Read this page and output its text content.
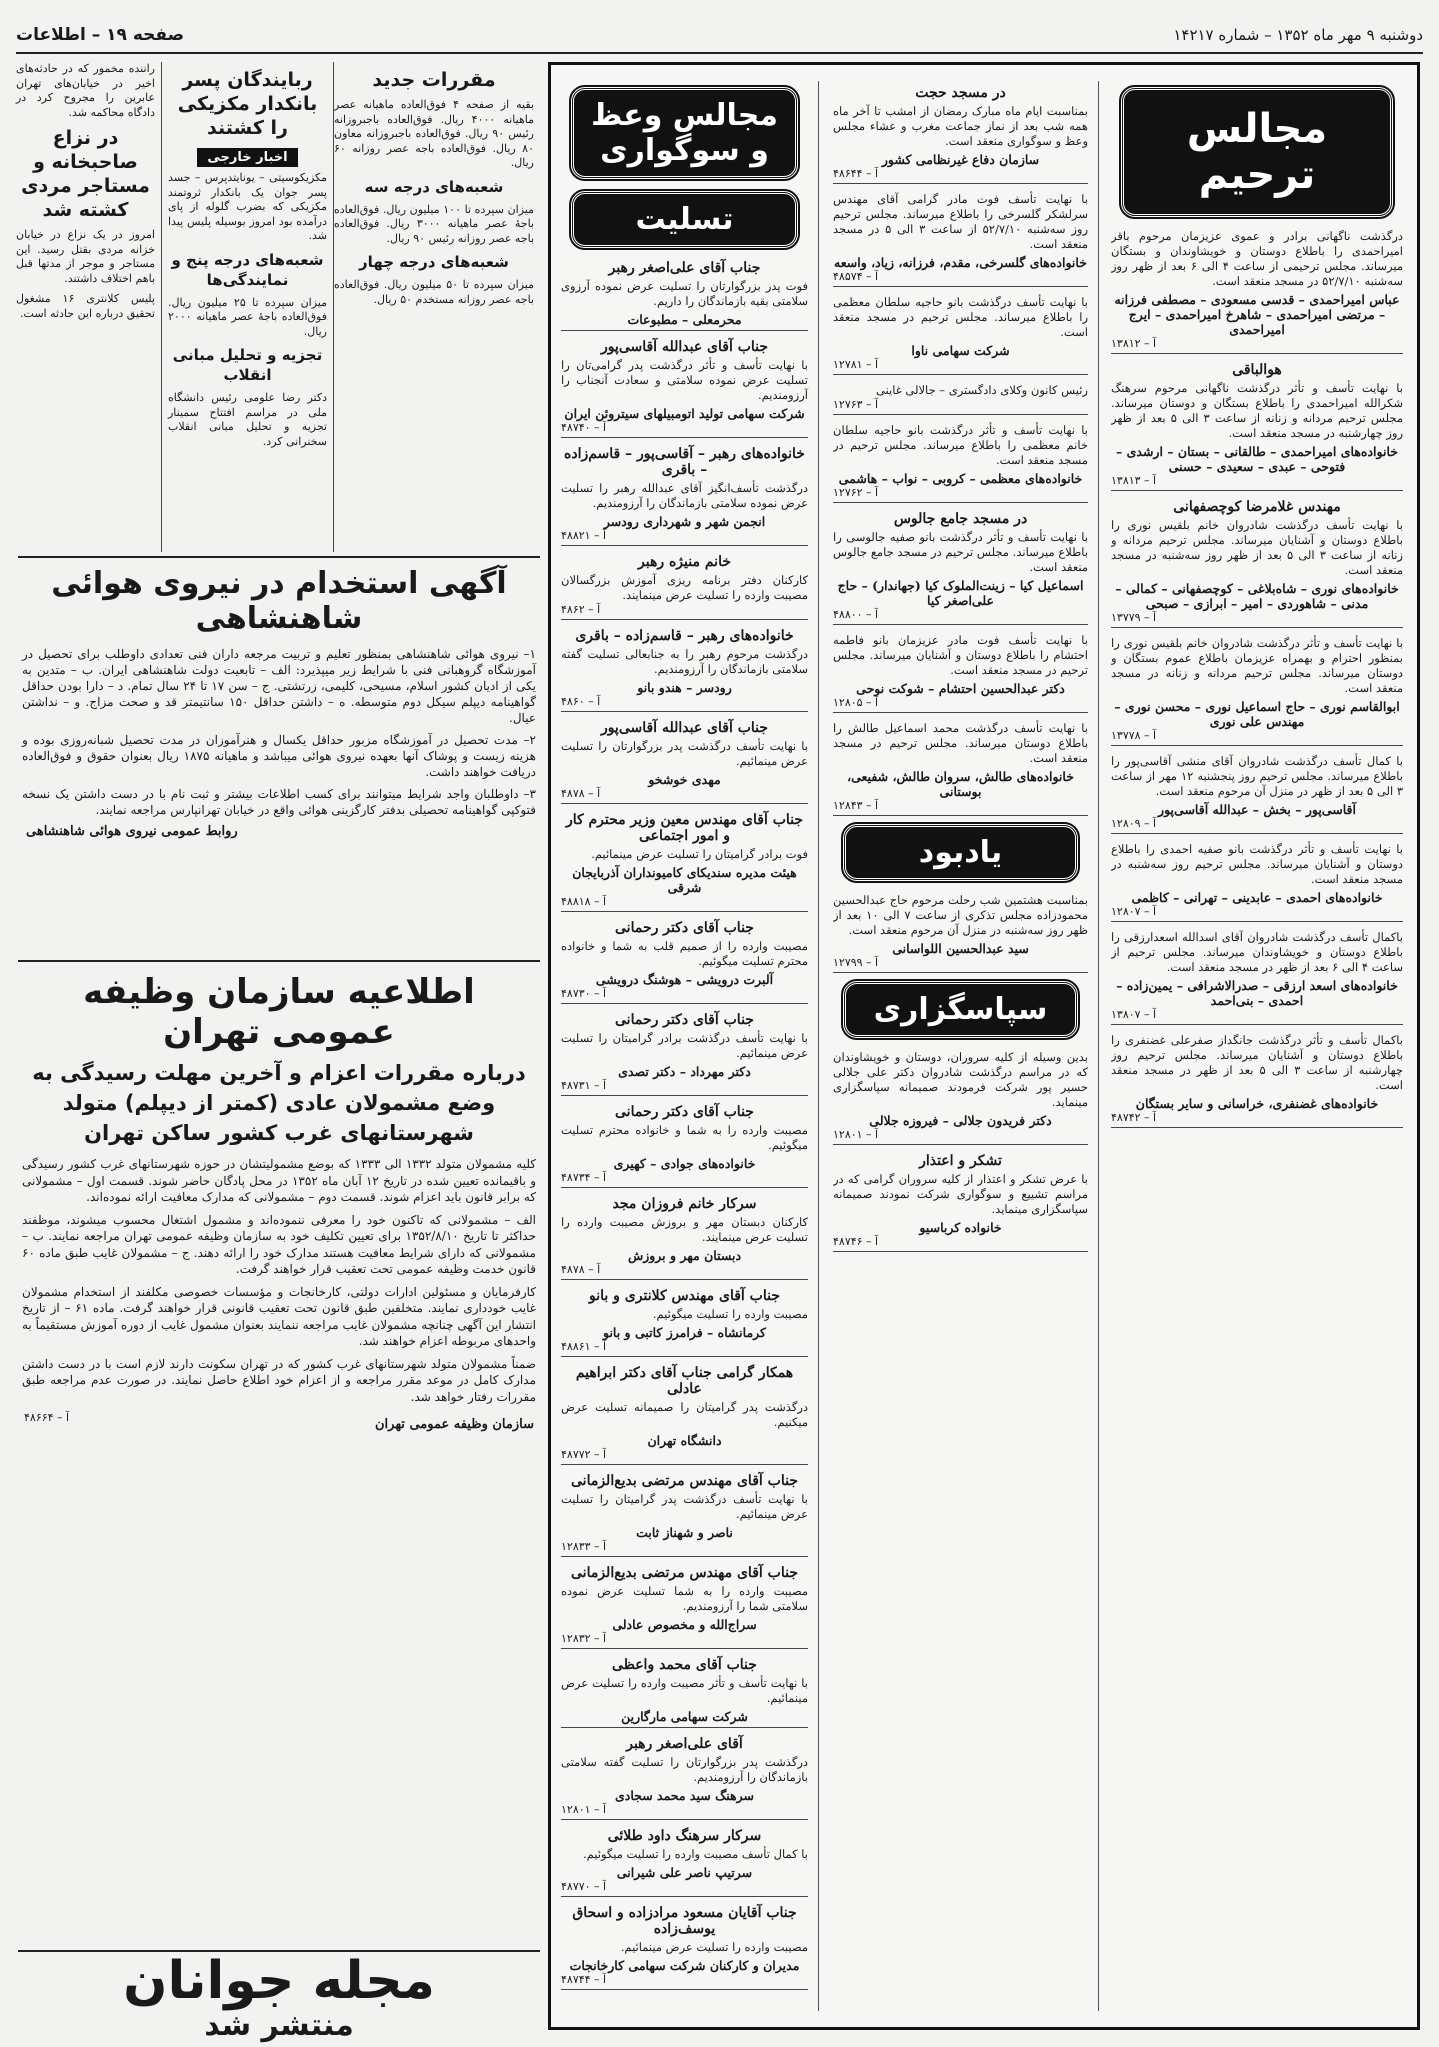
صفحه ۱۹ – اطلاعات	دوشنبه ۹ مهر ماه ۱۳۵۲ – شماره ۱۴۲۱۷
مقررات جدید
بقیه از صفحه ۴ فوق‌العاده ماهیانه عصر ماهیانه ۴۰۰۰ ریال. فوق‌العاده باجبروزانه رئیس ۹۰ ریال. فوق‌العاده باجبروزانه معاون ۸۰ ریال. فوق‌العاده باجه عصر روزانه ۶۰ ریال.
شعبه‌های درجه سه
میزان سپرده تا ۱۰۰ میلیون ریال. فوق‌العاده باجهٔ عصر ماهیانه ۳۰۰۰ ریال. فوق‌العاده باجه عصر روزانه رئیس ۹۰ ریال.
شعبه‌های درجه چهار
میزان سپرده تا ۵۰ میلیون ریال. فوق‌العاده باجه عصر روزانه مستخدم ۵۰ ریال.
ربایندگان پسر بانکدار مکزیکی را کشتند
اخبار خارجی
مکزیکوسیتی – یونایتدپرس – جسد پسر جوان یک بانکدار ثروتمند مکزیکی که بضرب گلوله از پای درآمده بود امروز بوسیله پلیس پیدا شد.
شعبه‌های درجه پنج و نمایندگی‌ها
میزان سپرده تا ۲۵ میلیون ریال. فوق‌العاده باجهٔ عصر ماهیانه ۲۰۰۰ ریال.
تجزیه و تحلیل مبانی انقلاب
دکتر رضا علومی رئیس دانشگاه ملی در مراسم افتتاح سمینار تجزیه و تحلیل مبانی انقلاب سخنرانی کرد.
راننده مخمور که در حادثه‌های اخیر در خیابان‌های تهران عابرین را مجروح کرد در دادگاه محاکمه شد.
در نزاع صاحبخانه و مستاجر مردی کشته شد
امروز در یک نزاع در خیابان خزانه مردی بقتل رسید. این مستاجر و موجر از مدتها قبل باهم اختلاف داشتند.
پلیس کلانتری ۱۶ مشغول تحقیق درباره این حادثه است.
آگهی استخدام در نیروی هوائی شاهنشاهی
۱– نیروی هوائی شاهنشاهی بمنظور تعلیم و تربیت مرجعه داران فنی تعدادی داوطلب برای تحصیل در آموزشگاه گروهبانی فنی با شرایط زیر میپذیرد: الف – تابعیت دولت شاهنشاهی ایران. ب – متدین به یکی از ادیان کشور اسلام، مسیحی، کلیمی، زرتشتی. ج – سن ۱۷ تا ۲۴ سال تمام. د – دارا بودن حداقل گواهینامه دیپلم سیکل دوم متوسطه. ه – داشتن حداقل ۱۵۰ سانتیمتر قد و صحت مزاج. و – نداشتن عیال.
۲– مدت تحصیل در آموزشگاه مزبور حداقل یکسال و هنرآموزان در مدت تحصیل شبانه‌روزی بوده و هزینه زیست و پوشاک آنها بعهده نیروی هوائی میباشد و ماهیانه ۱۸۷۵ ریال بعنوان حقوق و فوق‌العاده دریافت خواهند داشت.
۳– داوطلبان واجد شرایط میتوانند برای کسب اطلاعات بیشتر و ثبت نام با در دست داشتن یک نسخه فتوکپی گواهینامه تحصیلی بدفتر کارگزینی هوائی واقع در خیابان تهرانپارس مراجعه نمایند.
روابط عمومی نیروی هوائی شاهنشاهی
اطلاعیه سازمان وظیفه عمومی تهران
درباره مقررات اعزام و آخرین مهلت رسیدگی به وضع مشمولان عادی (کمتر از دیپلم) متولد شهرستانهای غرب کشور ساکن تهران
کلیه مشمولان متولد ۱۳۳۲ الی ۱۳۳۳ که بوضع مشمولیتشان در حوزه شهرستانهای غرب کشور رسیدگی و باقیمانده تعیین شده در تاریخ ۱۲ آبان ماه ۱۳۵۲ در محل پادگان حاضر شوند. قسمت اول – مشمولانی که برابر قانون باید اعزام شوند. قسمت دوم – مشمولانی که مدارک معافیت ارائه نموده‌اند.
الف – مشمولانی که تاکنون خود را معرفی ننموده‌اند و مشمول اشتغال محسوب میشوند، موظفند حداکثر تا تاریخ ۱۳۵۲/۸/۱۰ برای تعیین تکلیف خود به سازمان وظیفه عمومی تهران مراجعه نمایند. ب – مشمولانی که دارای شرایط معافیت هستند مدارک خود را ارائه دهند. ج – مشمولان غایب طبق ماده ۶۰ قانون خدمت وظیفه عمومی تحت تعقیب قرار خواهند گرفت.
کارفرمایان و مسئولین ادارات دولتی، کارخانجات و مؤسسات خصوصی مکلفند از استخدام مشمولان غایب خودداری نمایند. متخلفین طبق قانون تحت تعقیب قانونی قرار خواهند گرفت. ماده ۶۱ – از تاریخ انتشار این آگهی چنانچه مشمولان غایب مراجعه ننمایند بعنوان مشمول غایب از دوره آموزش مستقیماً به واحدهای مربوطه اعزام خواهند شد.
ضمناً مشمولان متولد شهرستانهای غرب کشور که در تهران سکونت دارند لازم است با در دست داشتن مدارک کامل در موعد مقرر مراجعه و از اعزام خود اطلاع حاصل نمایند. در صورت عدم مراجعه طبق مقررات رفتار خواهد شد.
سازمان وظیفه عمومی تهران
آ – ۴۸۶۶۴
مجله جوانان
منتشر شد
مجالس ترحیم
درگذشت ناگهانی برادر و عموی عزیزمان مرحوم باقر امیراحمدی را باطلاع دوستان و خویشاوندان و بستگان میرساند. مجلس ترحیمی از ساعت ۴ الی ۶ بعد از ظهر روز سه‌شنبه ۵۲/۷/۱۰ در مسجد منعقد است.
عباس امیراحمدی – قدسی مسعودی – مصطفی فرزانه – مرتضی امیراحمدی – شاهرخ امیراحمدی – ایرج امیراحمدی
آ – ۱۳۸۱۲
هوالباقی
با نهایت تأسف و تأثر درگذشت ناگهانی مرحوم سرهنگ شکرالله امیراحمدی را باطلاع بستگان و دوستان میرساند. مجلس ترحیم مردانه و زنانه از ساعت ۳ الی ۵ بعد از ظهر روز چهارشنبه در مسجد منعقد است.
خانواده‌های امیراحمدی – طالقانی – بستان – ارشدی – فتوحی – عبدی – سعیدی – حسنی
آ – ۱۳۸۱۳
مهندس غلامرضا کوچصفهانی
با نهایت تأسف درگذشت شادروان خانم بلقیس نوری را باطلاع دوستان و آشنایان میرساند. مجلس ترحیم مردانه و زنانه از ساعت ۳ الی ۵ بعد از ظهر روز سه‌شنبه در مسجد منعقد است.
خانواده‌های نوری – شاه‌بلاغی – کوچصفهانی – کمالی – مدنی – شاهوردی – امیر – ابرازی – صبحی
آ – ۱۳۷۷۹
با نهایت تأسف و تأثر درگذشت شادروان خانم بلقیس نوری را بمنظور احترام و بهمراه عزیزمان باطلاع عموم بستگان و دوستان میرساند. مجلس ترحیم مردانه و زنانه در مسجد منعقد است.
ابوالقاسم نوری – حاج اسماعیل نوری – محسن نوری – مهندس علی نوری
آ – ۱۳۷۷۸
با کمال تأسف درگذشت شادروان آقای منشی آقاسی‌پور را باطلاع میرساند. مجلس ترحیم روز پنجشنبه ۱۲ مهر از ساعت ۳ الی ۵ بعد از ظهر در منزل آن مرحوم منعقد است.
آقاسی‌پور – بخش – عبدالله آقاسی‌پور
آ – ۱۲۸۰۹
با نهایت تأسف و تأثر درگذشت بانو صفیه احمدی را باطلاع دوستان و آشنایان میرساند. مجلس ترحیم روز سه‌شنبه در مسجد منعقد است.
خانواده‌های احمدی – عابدینی – تهرانی – کاظمی
آ – ۱۲۸۰۷
باکمال تأسف درگذشت شادروان آقای اسدالله اسعدارزقی را باطلاع دوستان و خویشاوندان میرساند. مجلس ترحیم از ساعت ۴ الی ۶ بعد از ظهر در مسجد منعقد است.
خانواده‌های اسعد ارزقی – صدرالاشرافی – یمین‌زاده – احمدی – بنی‌احمد
آ – ۱۳۸۰۷
باکمال تأسف و تأثر درگذشت جانگداز صفرعلی غضنفری را باطلاع دوستان و آشنایان میرساند. مجلس ترحیم روز چهارشنبه از ساعت ۳ الی ۵ بعد از ظهر در مسجد منعقد است.
خانواده‌های غضنفری، خراسانی و سایر بستگان
آ – ۴۸۷۴۲
در مسجد حجت
بمناسبت ایام ماه مبارک رمضان از امشب تا آخر ماه همه شب بعد از نماز جماعت مغرب و عشاء مجلس وعظ و سوگواری منعقد است.
سازمان دفاع غیرنظامی کشور
آ – ۴۸۶۴۴
با نهایت تأسف فوت مادر گرامی آقای مهندس سرلشکر گلسرخی را باطلاع میرساند. مجلس ترحیم روز سه‌شنبه ۵۲/۷/۱۰ از ساعت ۳ الی ۵ در مسجد منعقد است.
خانواده‌های گلسرخی، مقدم، فرزانه، زیاد، واسعه
آ – ۴۸۵۷۴
با نهایت تأسف درگذشت بانو حاجیه سلطان معظمی را باطلاع میرساند. مجلس ترحیم در مسجد منعقد است.
شرکت سهامی ناوا
آ – ۱۲۷۸۱
رئیس کانون وکلای دادگستری – جالالی غاینی
آ – ۱۲۷۶۳
با نهایت تأسف و تأثر درگذشت بانو حاجیه سلطان خانم معظمی را باطلاع میرساند. مجلس ترحیم در مسجد منعقد است.
خانواده‌های معظمی – کروبی – نواب – هاشمی
آ – ۱۲۷۶۲
در مسجد جامع جالوس
با نهایت تأسف و تأثر درگذشت بانو صفیه جالوسی را باطلاع میرساند. مجلس ترحیم در مسجد جامع جالوس منعقد است.
اسماعیل کیا – زینت‌الملوک کیا (جهاندار) – حاج علی‌اصغر کیا
آ – ۴۸۸۰۰
با نهایت تأسف فوت مادر عزیزمان بانو فاطمه احتشام را باطلاع دوستان و آشنایان میرساند. مجلس ترحیم در مسجد منعقد است.
دکتر عبدالحسین احتشام – شوکت نوحی
آ – ۱۲۸۰۵
با نهایت تأسف درگذشت محمد اسماعیل طالش را باطلاع دوستان میرساند. مجلس ترحیم در مسجد منعقد است.
خانواده‌های طالش، سروان طالش، شفیعی، بوستانی
آ – ۱۲۸۴۳
یادبود
بمناسبت هشتمین شب رحلت مرحوم حاج عبدالحسین محمودزاده مجلس تذکری از ساعت ۷ الی ۱۰ بعد از ظهر روز سه‌شنبه در منزل آن مرحوم منعقد است.
سید عبدالحسین اللواسانی
آ – ۱۲۷۹۹
سپاسگزاری
بدین وسیله از کلیه سروران، دوستان و خویشاوندان که در مراسم درگذشت شادروان دکتر علی جلالی حسیر پور شرکت فرمودند صمیمانه سپاسگزاری مینماید.
دکتر فریدون جلالی – فیروزه جلالی
آ – ۱۲۸۰۱
تشکر و اعتذار
با عرض تشکر و اعتذار از کلیه سروران گرامی که در مراسم تشییع و سوگواری شرکت نمودند صمیمانه سپاسگزاری مینماید.
خانواده کرباسیو
آ – ۴۸۷۴۶
مجالس وعظ و سوگواری
تسلیت
جناب آقای علی‌اصغر رهبر
فوت پدر بزرگوارتان را تسلیت عرض نموده آرزوی سلامتی بقیه بازماندگان را داریم.
محرمعلی – مطبوعات
جناب آقای عبدالله آقاسی‌پور
با نهایت تأسف و تأثر درگذشت پدر گرامی‌تان را تسلیت عرض نموده سلامتی و سعادت آنجناب را آرزومندیم.
شرکت سهامی تولید اتومبیلهای سیتروئن ایران
آ – ۴۸۷۴۰
خانواده‌های رهبر – آقاسی‌پور – قاسم‌زاده – باقری
درگذشت تأسف‌انگیز آقای عبدالله رهبر را تسلیت عرض نموده سلامتی بازماندگان را آرزومندیم.
انجمن شهر و شهرداری رودسر
آ – ۴۸۸۲۱
خانم منیژه رهبر
کارکنان دفتر برنامه ریزی آموزش بزرگسالان مصیبت وارده را تسلیت عرض مینمایند.
آ – ۴۸۶۲
خانواده‌های رهبر – قاسم‌زاده – باقری
درگذشت مرحوم رهبر را به جنابعالی تسلیت گفته سلامتی بازماندگان را آرزومندیم.
رودسر – هندو بانو
آ – ۴۸۶۰
جناب آقای عبدالله آقاسی‌پور
با نهایت تأسف درگذشت پدر بزرگوارتان را تسلیت عرض مینمائیم.
مهدی خوشخو
آ – ۴۸۷۸
جناب آقای مهندس معین وزیر محترم کار و امور اجتماعی
فوت برادر گرامیتان را تسلیت عرض مینمائیم.
هیئت مدیره سندیکای کامیونداران آذربایجان شرقی
آ – ۴۸۸۱۸
جناب آقای دکتر رحمانی
مصیبت وارده را از صمیم قلب به شما و خانواده محترم تسلیت میگوئیم.
آلبرت درویشی – هوشنگ درویشی
آ – ۴۸۷۳۰
جناب آقای دکتر رحمانی
با نهایت تأسف درگذشت برادر گرامیتان را تسلیت عرض مینمائیم.
دکتر مهرداد – دکتر تصدی
آ – ۴۸۷۳۱
جناب آقای دکتر رحمانی
مصیبت وارده را به شما و خانواده محترم تسلیت میگوئیم.
خانواده‌های جوادی – کهیری
آ – ۴۸۷۳۴
سرکار خانم فروزان مجد
کارکنان دبستان مهر و بروزش مصیبت وارده را تسلیت عرض مینمایند.
دبستان مهر و بروزش
آ – ۴۸۷۸
جناب آقای مهندس کلانتری و بانو
مصیبت وارده را تسلیت میگوئیم.
کرمانشاه – فرامرز کاتبی و بانو
آ – ۴۸۸۶۱
همکار گرامی جناب آقای دکتر ابراهیم عادلی
درگذشت پدر گرامیتان را صمیمانه تسلیت عرض میکنیم.
دانشگاه تهران
آ – ۴۸۷۷۲
جناب آقای مهندس مرتضی بدیع‌الزمانی
با نهایت تأسف درگذشت پدر گرامیتان را تسلیت عرض مینمائیم.
ناصر و شهناز ثابت
آ – ۱۲۸۳۳
جناب آقای مهندس مرتضی بدیع‌الزمانی
مصیبت وارده را به شما تسلیت عرض نموده سلامتی شما را آرزومندیم.
سراج‌الله و مخصوص عادلی
آ – ۱۲۸۳۲
جناب آقای محمد واعظی
با نهایت تأسف و تأثر مصیبت وارده را تسلیت عرض مینمائیم.
شرکت سهامی مارگارین
آقای علی‌اصغر رهبر
درگذشت پدر بزرگوارتان را تسلیت گفته سلامتی بازماندگان را آرزومندیم.
سرهنگ سید محمد سجادی
آ – ۱۲۸۰۱
سرکار سرهنگ داود طلائی
با کمال تأسف مصیبت وارده را تسلیت میگوئیم.
سرتیپ ناصر علی شیرانی
آ – ۴۸۷۷۰
جناب آقایان مسعود مرادزاده و اسحاق یوسف‌زاده
مصیبت وارده را تسلیت عرض مینمائیم.
مدیران و کارکنان شرکت سهامی کارخانجات
آ – ۴۸۷۴۴
